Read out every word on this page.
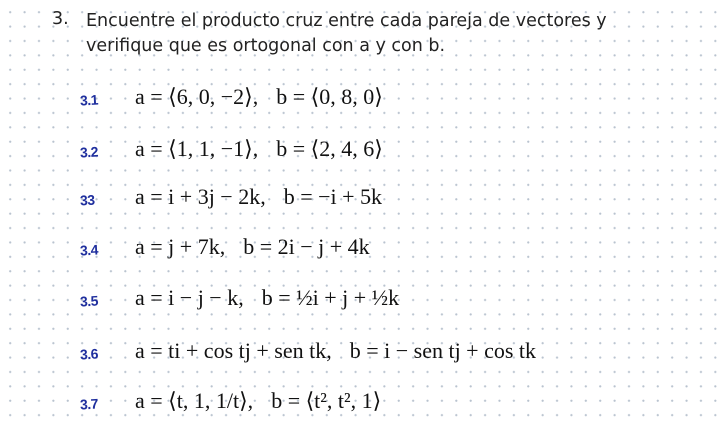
3. Encuentre el producto cruz entre cada pareja de vectores y
verifique que es ortogonal con a y con b.
3.1 a = ⟨6, 0, −2⟩, b = ⟨0, 8, 0⟩
3.2 a = ⟨1, 1, −1⟩, b = ⟨2, 4, 6⟩
33 a = i + 3j − 2k, b = −i + 5k
3.4 a = j + 7k, b = 2i − j + 4k
3.5 a = i − j − k, b = ½i + j + ½k
3.6 a = ti + cos tj + sen tk, b = i − sen tj + cos tk
3.7 a = ⟨t, 1, 1/t⟩, b = ⟨t², t², 1⟩
